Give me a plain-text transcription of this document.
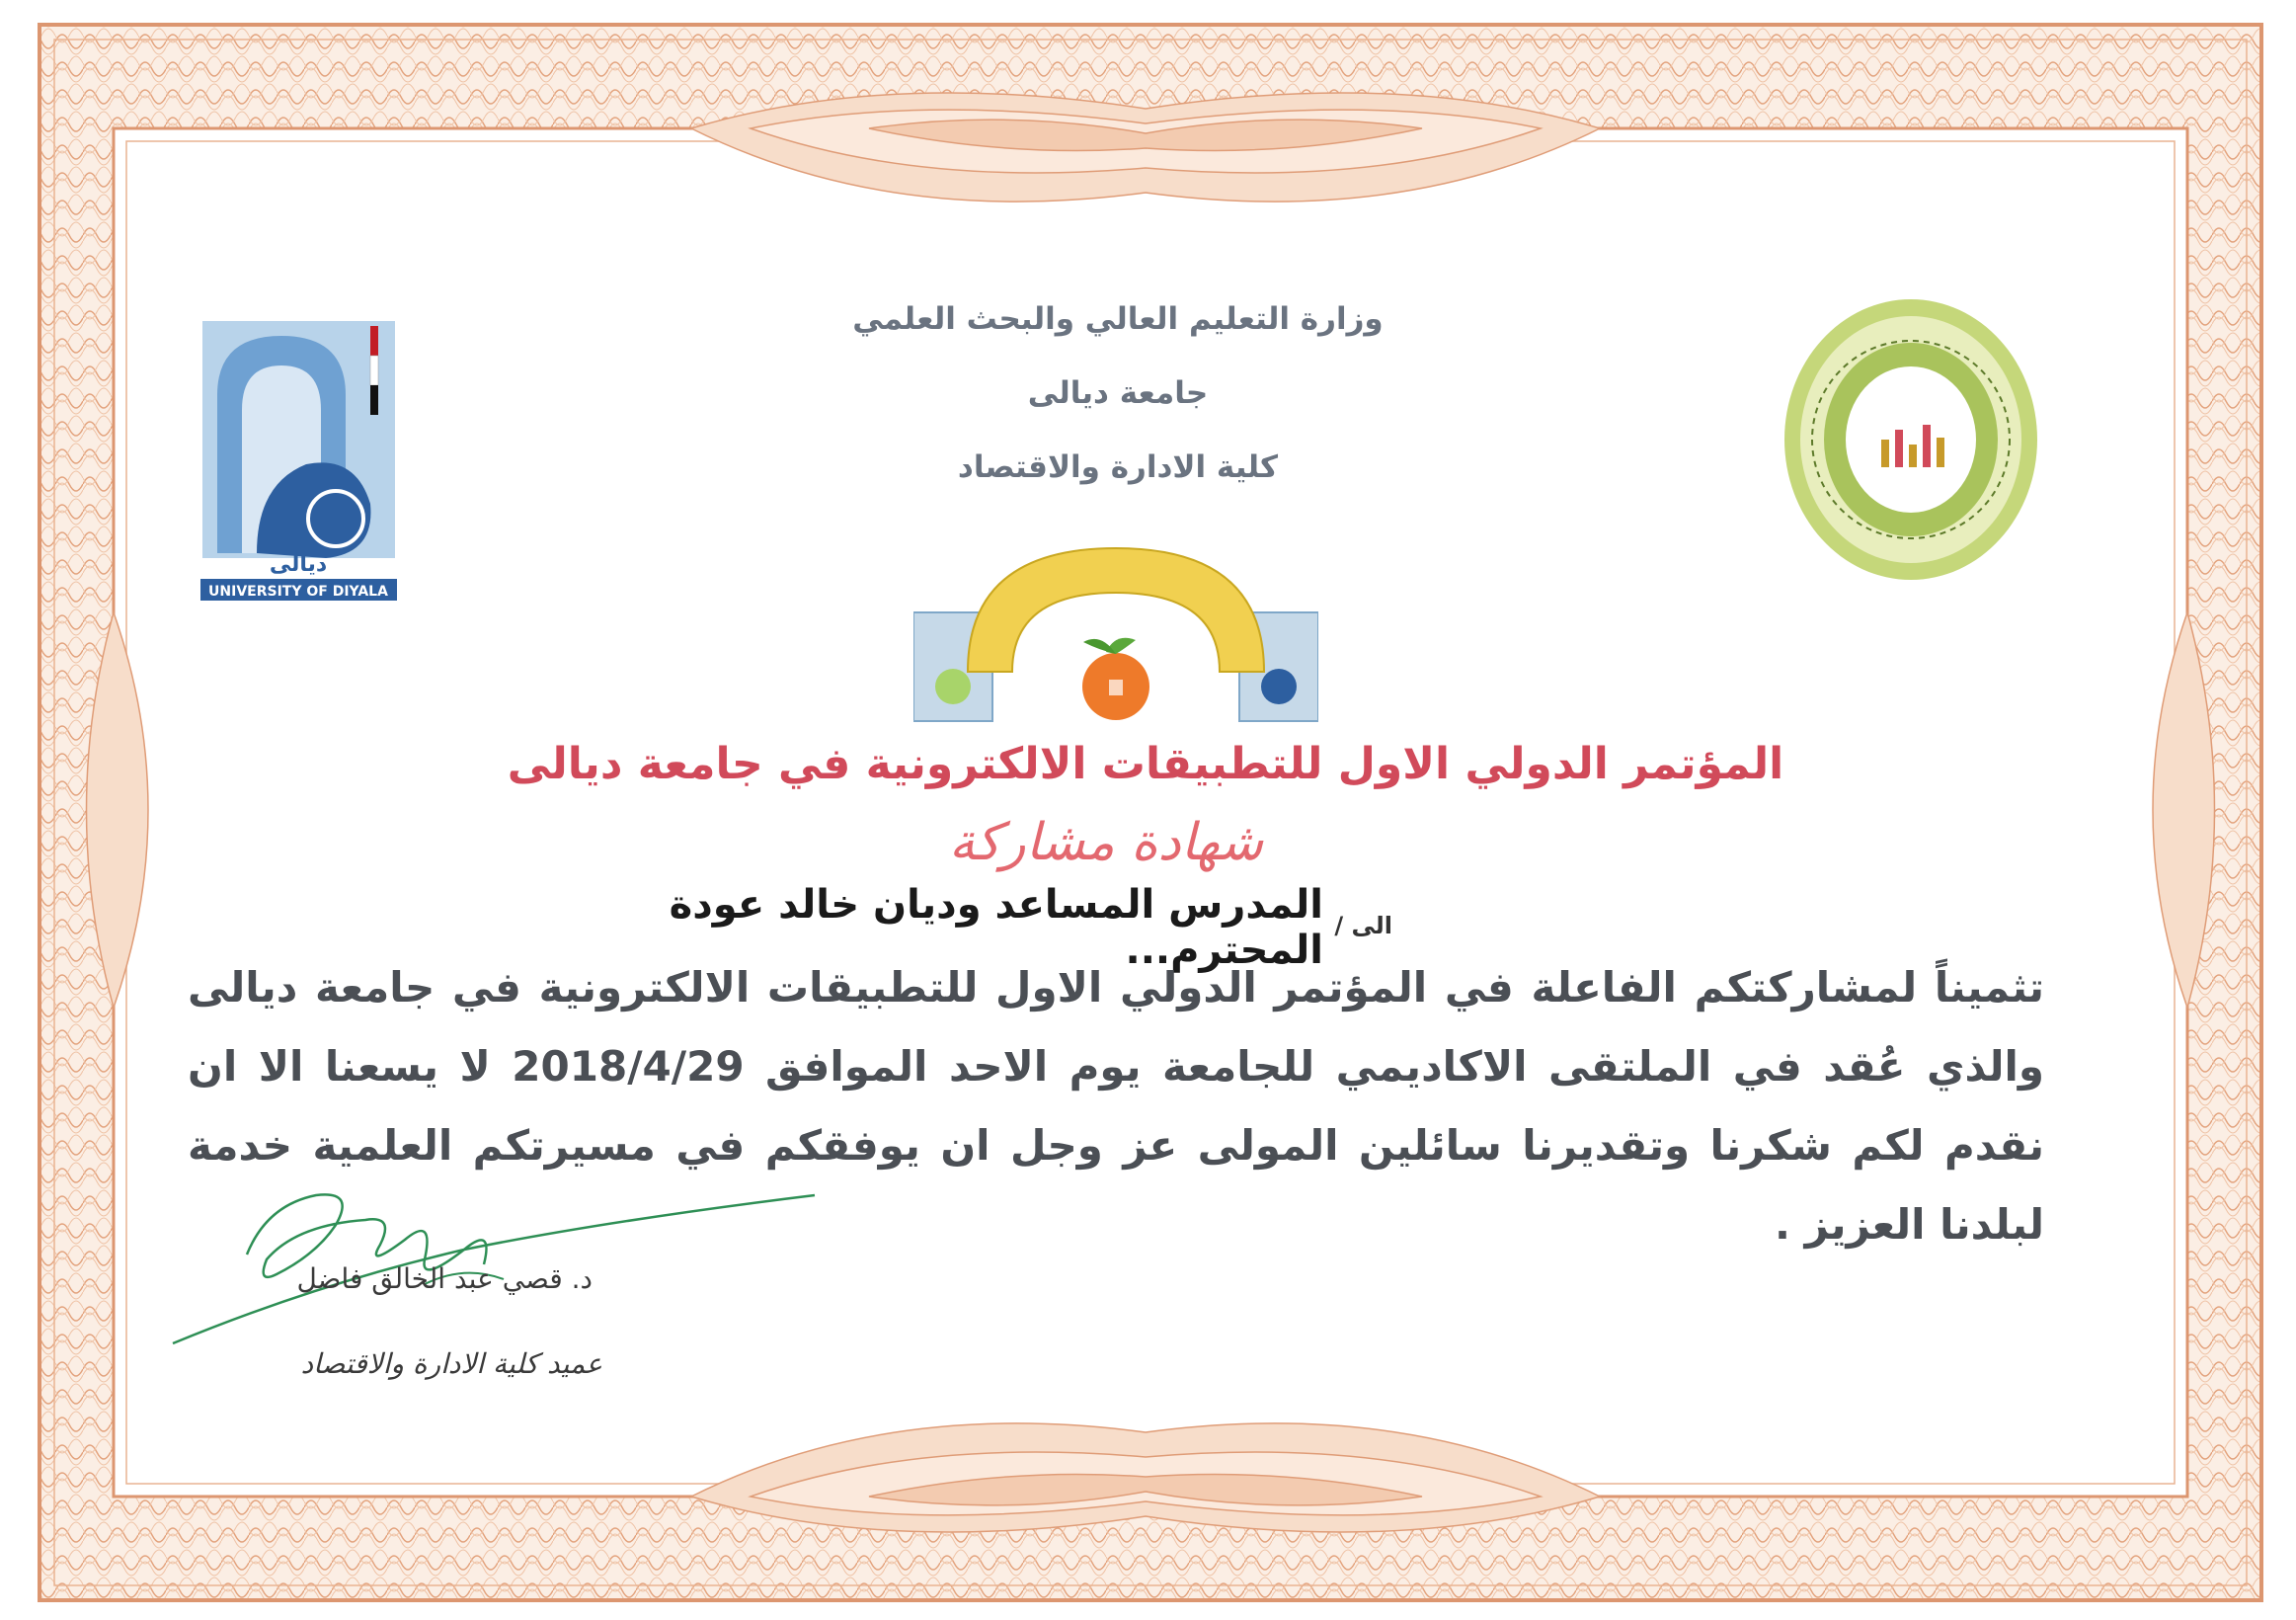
ديالى
UNIVERSITY OF DIYALA
وزارة التعليم العالي والبحث العلمي
جامعة ديالى
كلية الادارة والاقتصاد
المؤتمر الدولي الاول للتطبيقات الالكترونية في جامعة ديالى
شهادة مشاركة
الى /
المدرس المساعد وديان خالد عودة المحترم...
تثميناً لمشاركتكم الفاعلة في المؤتمر الدولي الاول للتطبيقات الالكترونية في جامعة ديالى والذي عُقد في الملتقى الاكاديمي للجامعة يوم الاحد الموافق 2018/4/29 لا يسعنا الا ان نقدم لكم شكرنا وتقديرنا سائلين المولى عز وجل ان يوفقكم في مسيرتكم العلمية خدمة لبلدنا العزيز .
د. قصي عبد الخالق فاضل
عميد كلية الادارة والاقتصاد
